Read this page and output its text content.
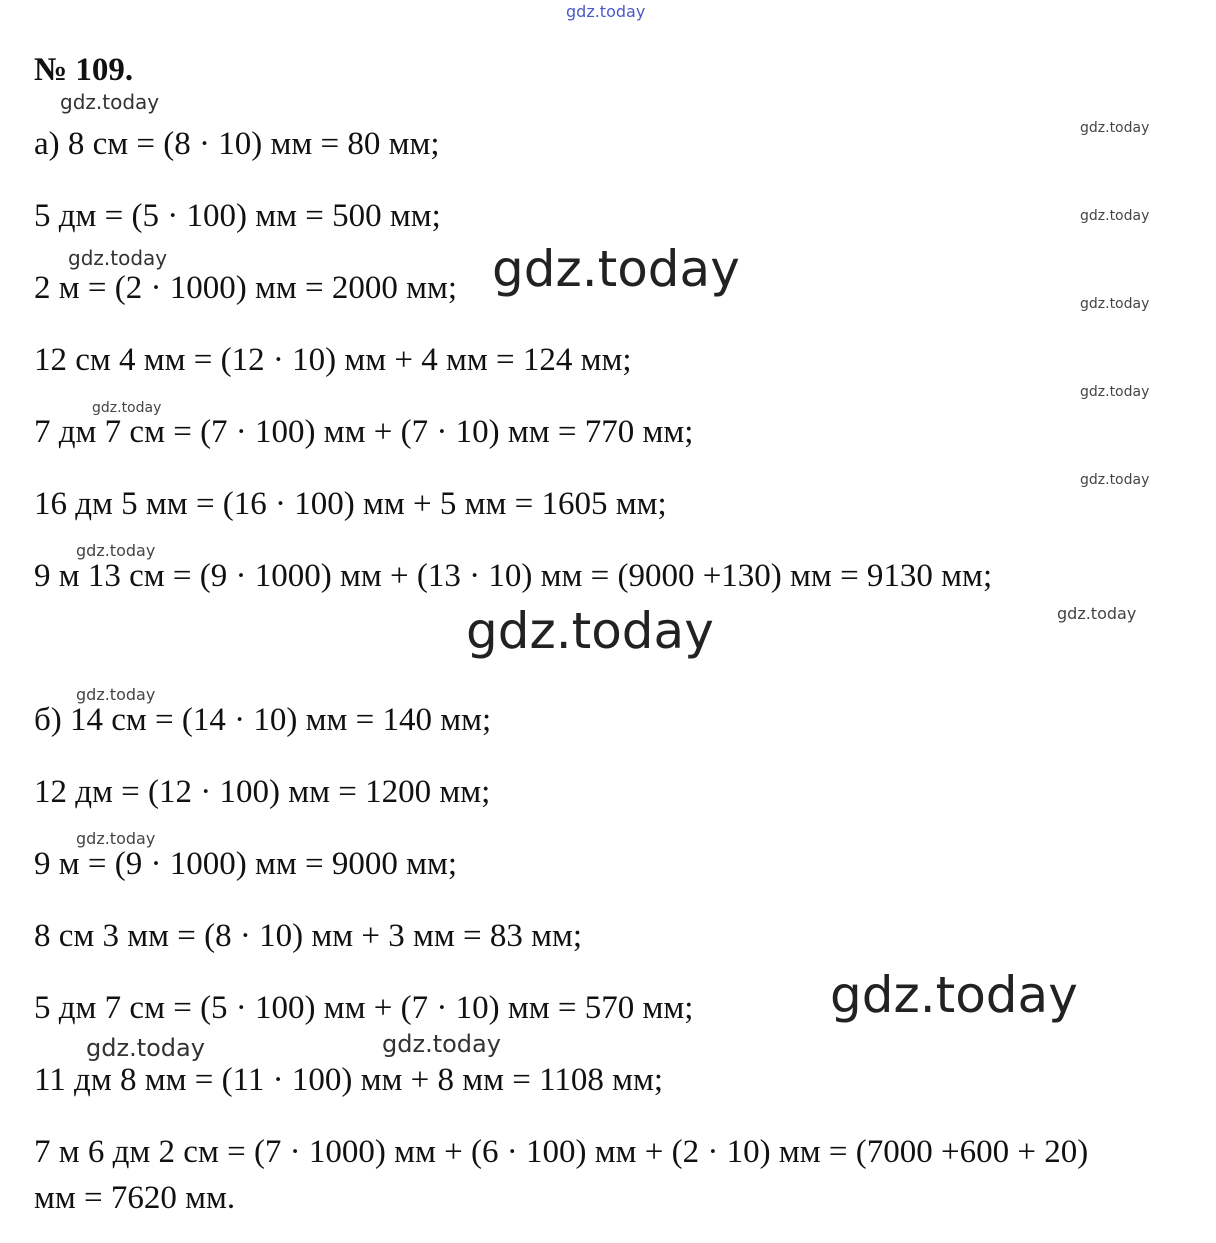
gdz.today
gdz.today
gdz.today
gdz.today
gdz.today	gdz.today
gdz.today
gdz.today
gdz.today
gdz.today
gdz.today
gdz.today
gdz.today
gdz.today
gdz.today
gdz.today
gdz.today	gdz.today
№ 109.
а) 8 см = (8 · 10) мм = 80 мм;
5 дм = (5 · 100) мм = 500 мм;
2 м = (2 · 1000) мм = 2000 мм;
12 см 4 мм = (12 · 10) мм + 4 мм = 124 мм;
7 дм 7 см = (7 · 100) мм + (7 · 10) мм = 770 мм;
16 дм 5 мм = (16 · 100) мм + 5 мм = 1605 мм;
9 м 13 см = (9 · 1000) мм + (13 · 10) мм = (9000 +130) мм = 9130 мм;
б) 14 см = (14 · 10) мм = 140 мм;
12 дм = (12 · 100) мм = 1200 мм;
9 м = (9 · 1000) мм = 9000 мм;
8 см 3 мм = (8 · 10) мм + 3 мм = 83 мм;
5 дм 7 см = (5 · 100) мм + (7 · 10) мм = 570 мм;
11 дм 8 мм = (11 · 100) мм + 8 мм = 1108 мм;
7 м 6 дм 2 см = (7 · 1000) мм + (6 · 100) мм + (2 · 10) мм = (7000 +600 + 20)
мм = 7620 мм.
